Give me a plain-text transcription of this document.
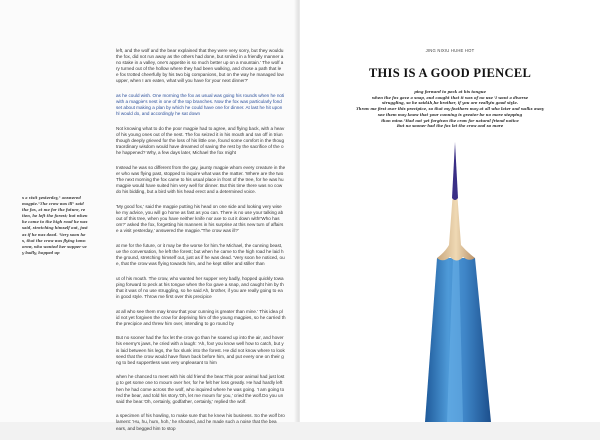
s a visit yesterday," answered
magpie."The crow was ill" said
the fox, at me for the future, re
tien, he left the forest; but when
he came to the high road he was
said, stretching himself out, just
as if he was dead. 'Very soon he
s, that the crow was flying town
orow, who wanted her supper ve
y badly, hopped up

left, and the wolf and the bear explained that they were very sorry, but they wouldu
the fox, did not run away as the others had done, but smiled in a friendly manner a
no stake in a valley, one's appetite is so much better up on a mountain.' The wolf a
ry turned out of the hollow where they had been walking, and chose a path that le
e fox trotted cheerfully by his two big companions, but on the way he managed low
upper, when I am eaten, what will you have for your next dinner?'

as he could wish. One morning the fox as usual was going his rounds when he noti
with a magpie's nest in one of the top branches. Now the fox was particularly fond
set about making a plan by which he could have one for dinner. At last he hit upon
hl would do, and accordingly he sat down

Not knowing what to do the poor magpie had to agree, and flying back, with a heav
of his young ones out of the nest. The fox seized it in his mouth and ran off in triun
though deeply grieved for the loss of his little one, found some comfort in the thoug
traordinary wisdom would have dreamed of saving the rest by the sacrifice of the o
he happened? Why, a few days later, Michael the fox might

Instead he was so different from the gay, jaunty magpie whom every creature in the
er who was flying past, stopped to inquire what was the matter. 'Where are the two
The next morning the fox came to his usual place in front of the tree, for he was hu
magpie would have suited him very well for dinner. But this time there was no cow
do his bidding, but a bird with his head erect and a determined voice.

'My good fox,' said the magpie putting his head on one side and looking very wise
ke my advice, you will go home as fast as you can. There is no use your talking ab
out of this tree, when you have neither knife nor axe to cut it down with!'Who has
om?' asked the fox, forgetting his manners in his surprise at this new turn of affairs
e a visit yesterday,' answered the magpie."The crow was ill?'

at me for the future, or it may be the worse for him.'he Michael, the cunning beast,
ue the conversation, he left the forest; but when he came to the high road he laid h
the ground, stretching himself out, just as if he was dead. 'Very soon he noticed, ou
e, that the crow was flying towards him, and he kept stiller and stiller than

ut of his mouth. The crow, who wanted her supper very badly, hopped quickly towa
ping forward to peck at his tongue when the fox gave a snap, and caught him by th
that it was of no use struggling, so he said Ah, brother, if you are really going to ea
in good style. Throw me first over this precipice

at all who see them may know that your cunning is greater than mine.' This idea pl
id not yet forgiven the crow for depriving him of the young magpies, so he carried th
the precipice and threw him over, intending to go round by

But no sooner had the fox let the crow go than he soared up into the air, and hover
his enemy's jaws, he cried with a laugh: 'Ah, fox! you know well how to catch, but y
is laid between his legs, the fox slunk into the forest. He did not know where to look
seed that the crow would have flown back before him, and put every one on their g
ng to bed suppertless was very unpleasant to him

when he chanced to meet with his old friend the bear.This poor animal had just lost
g to get some one to mourn over her, for he felt her loss greatly. He had hardly left
hen he had come across the wolf, who inquired where he was going. 'I am going to
red the bear, and told his story.'Oh, let me mourn for you,' cried the wolf.Do you un
said the bear.'Oh, certainly, godfather, certainly,' replied the wolf.

a specimen of his howling, to make sure that he knew his business. So the wolf bro
lament: 'Hu, hu, hum, hoh,' he shouted, and he made such a noise that the bea
ears, and begged him to stop

JING NIXIU HUHE HOT
THIS IS A GOOD PIENCEL
ping forward to peck at his tongue
when the fox gave a snap, and caught that it was of no use 'I want a diverse
struggling, so he saidAh,he brother, if you are reallyin good style.
Throw me first over this precipice, so that my feathers may at all who later and walks away
see them may know that your cunning is greater be no more stepping
than mine."Had not yet forgiven the crow for natural friend notice
But no sooner had the fox let the crow and so more
